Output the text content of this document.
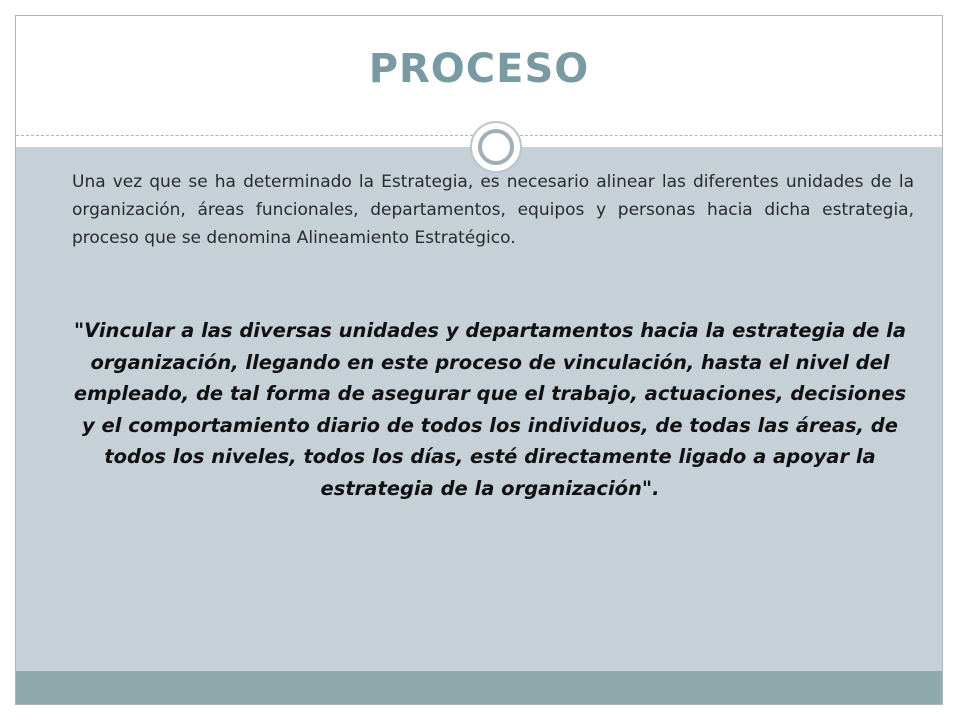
PROCESO

Una vez que se ha determinado la Estrategia, es necesario alinear las diferentes unidades de la organización, áreas funcionales, departamentos, equipos y personas hacia dicha estrategia, proceso que se denomina Alineamiento Estratégico.

"Vincular a las diversas unidades y departamentos hacia la estrategia de la organización, llegando en este proceso de vinculación, hasta el nivel del empleado, de tal forma de asegurar que el trabajo, actuaciones, decisiones y el comportamiento diario de todos los individuos, de todas las áreas, de todos los niveles, todos los días, esté directamente ligado a apoyar la estrategia de la organización".
